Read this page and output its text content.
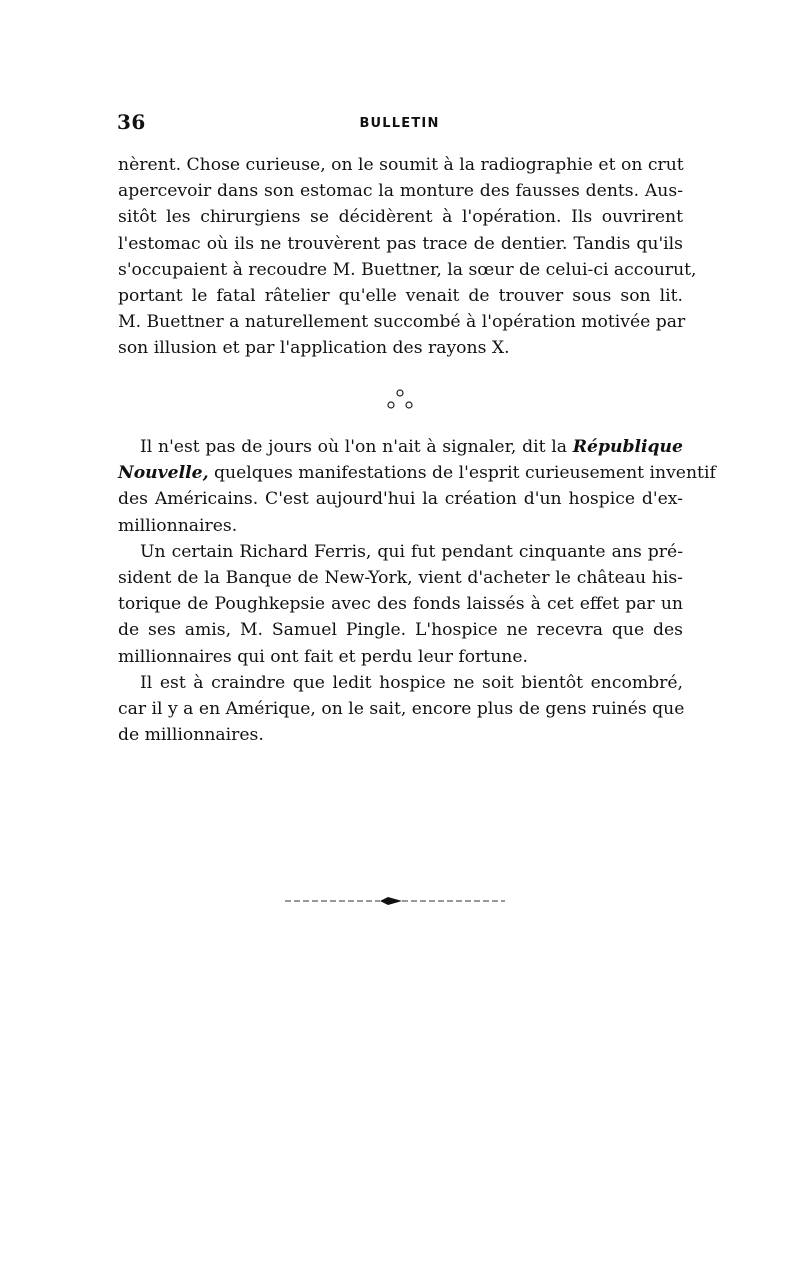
36	BULLETIN
nèrent. Chose curieuse, on le soumit à la radiographie et on crut
apercevoir dans son estomac la monture des fausses dents. Aus-
sitôt les chirurgiens se décidèrent à l'opération. Ils ouvrirent
l'estomac où ils ne trouvèrent pas trace de dentier. Tandis qu'ils
s'occupaient à recoudre M. Buettner, la sœur de celui-ci accourut,
portant le fatal râtelier qu'elle venait de trouver sous son lit.
M. Buettner a naturellement succombé à l'opération motivée par
son illusion et par l'application des rayons X.
Il n'est pas de jours où l'on n'ait à signaler, dit la République
Nouvelle, quelques manifestations de l'esprit curieusement inventif
des Américains. C'est aujourd'hui la création d'un hospice d'ex-
millionnaires.
Un certain Richard Ferris, qui fut pendant cinquante ans pré-
sident de la Banque de New-York, vient d'acheter le château his-
torique de Poughkepsie avec des fonds laissés à cet effet par un
de ses amis, M. Samuel Pingle. L'hospice ne recevra que des
millionnaires qui ont fait et perdu leur fortune.
Il est à craindre que ledit hospice ne soit bientôt encombré,
car il y a en Amérique, on le sait, encore plus de gens ruinés que
de millionnaires.
